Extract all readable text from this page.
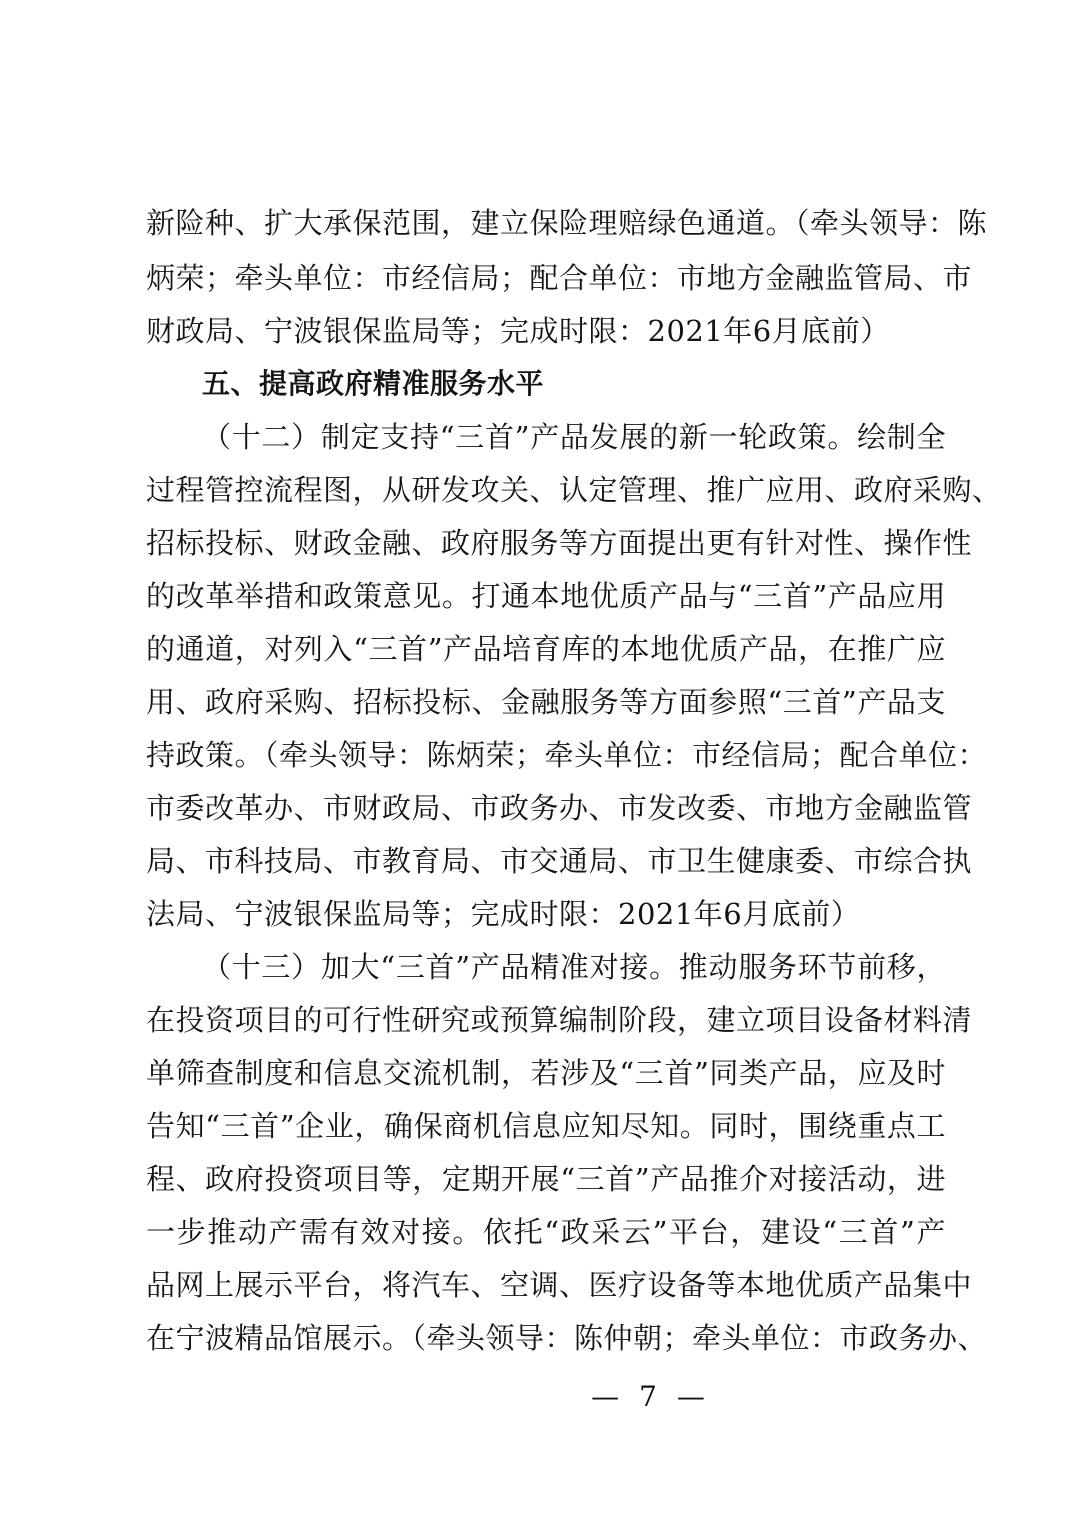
新险种、扩大承保范围，建立保险理赔绿色通道。（牵头领导：陈
炳荣；牵头单位：市经信局；配合单位：市地方金融监管局、市
财政局、宁波银保监局等；完成时限：2021年6月底前）
五、提高政府精准服务水平
（十二）制定支持“三首”产品发展的新一轮政策。绘制全
过程管控流程图，从研发攻关、认定管理、推广应用、政府采购、
招标投标、财政金融、政府服务等方面提出更有针对性、操作性
的改革举措和政策意见。打通本地优质产品与“三首”产品应用
的通道，对列入“三首”产品培育库的本地优质产品，在推广应
用、政府采购、招标投标、金融服务等方面参照“三首”产品支
持政策。（牵头领导：陈炳荣；牵头单位：市经信局；配合单位：
市委改革办、市财政局、市政务办、市发改委、市地方金融监管
局、市科技局、市教育局、市交通局、市卫生健康委、市综合执
法局、宁波银保监局等；完成时限：2021年6月底前）
（十三）加大“三首”产品精准对接。推动服务环节前移，
在投资项目的可行性研究或预算编制阶段，建立项目设备材料清
单筛查制度和信息交流机制，若涉及“三首”同类产品，应及时
告知“三首”企业，确保商机信息应知尽知。同时，围绕重点工
程、政府投资项目等，定期开展“三首”产品推介对接活动，进
一步推动产需有效对接。依托“政采云”平台，建设“三首”产
品网上展示平台，将汽车、空调、医疗设备等本地优质产品集中
在宁波精品馆展示。（牵头领导：陈仲朝；牵头单位：市政务办、
— 7 —
